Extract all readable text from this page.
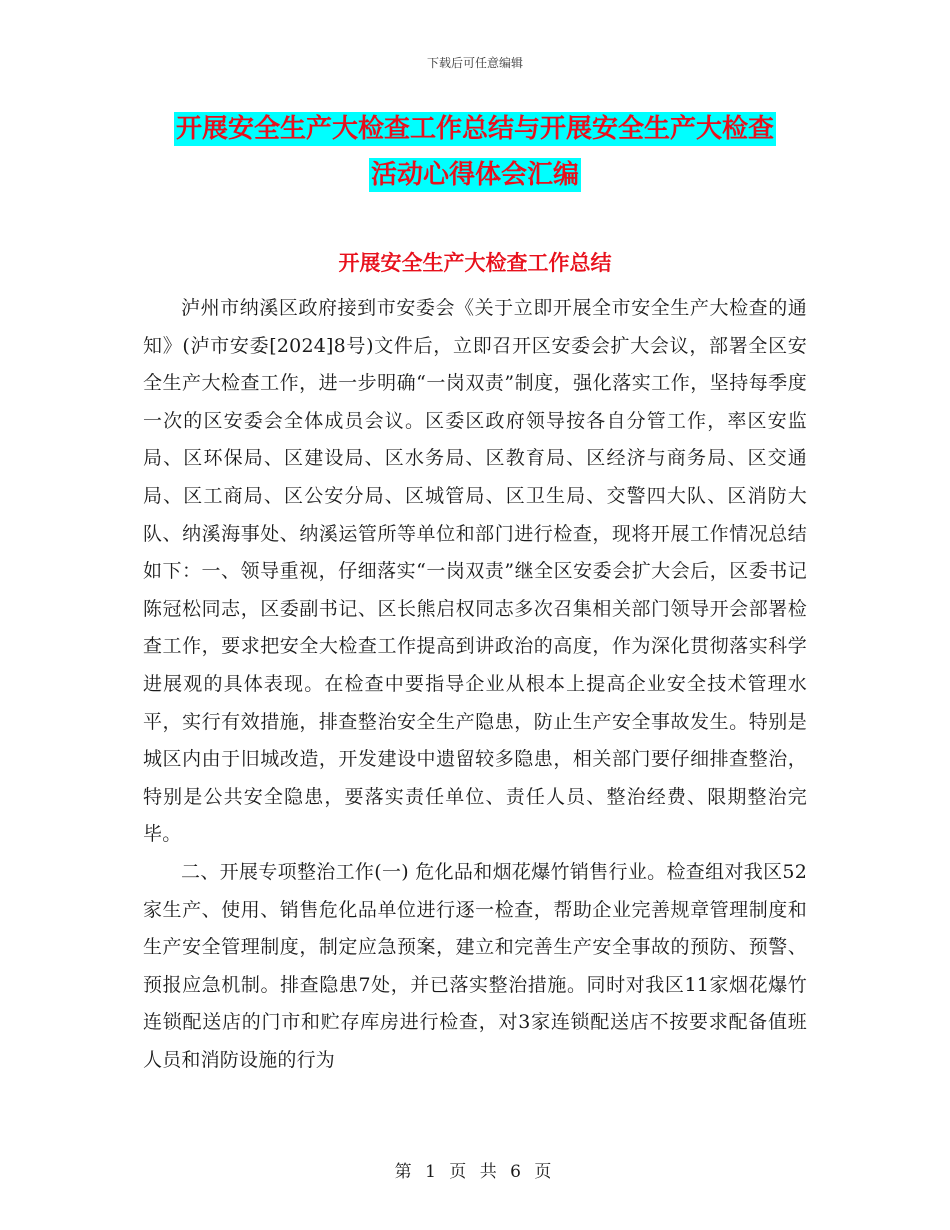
下载后可任意编辑
开展安全生产大检查工作总结与开展安全生产大检查
活动心得体会汇编
开展安全生产大检查工作总结

泸州市纳溪区政府接到市安委会《关于立即开展全市安全生产大检查的通知》(泸市安委[2024]8号)文件后，立即召开区安委会扩大会议，部署全区安全生产大检查工作，进一步明确“一岗双责”制度，强化落实工作，坚持每季度一次的区安委会全体成员会议。区委区政府领导按各自分管工作，率区安监局、区环保局、区建设局、区水务局、区教育局、区经济与商务局、区交通局、区工商局、区公安分局、区城管局、区卫生局、交警四大队、区消防大队、纳溪海事处、纳溪运管所等单位和部门进行检查，现将开展工作情况总结如下：一、领导重视，仔细落实“一岗双责”继全区安委会扩大会后，区委书记陈冠松同志，区委副书记、区长熊启权同志多次召集相关部门领导开会部署检查工作，要求把安全大检查工作提高到讲政治的高度，作为深化贯彻落实科学进展观的具体表现。在检查中要指导企业从根本上提高企业安全技术管理水平，实行有效措施，排查整治安全生产隐患，防止生产安全事故发生。特别是城区内由于旧城改造，开发建设中遗留较多隐患，相关部门要仔细排查整治，特别是公共安全隐患，要落实责任单位、责任人员、整治经费、限期整治完毕。

二、开展专项整治工作(一) 危化品和烟花爆竹销售行业。检查组对我区52家生产、使用、销售危化品单位进行逐一检查，帮助企业完善规章管理制度和生产安全管理制度，制定应急预案，建立和完善生产安全事故的预防、预警、预报应急机制。排查隐患7处，并已落实整治措施。同时对我区11家烟花爆竹连锁配送店的门市和贮存库房进行检查，对3家连锁配送店不按要求配备值班人员和消防设施的行为

第 1 页 共 6 页
